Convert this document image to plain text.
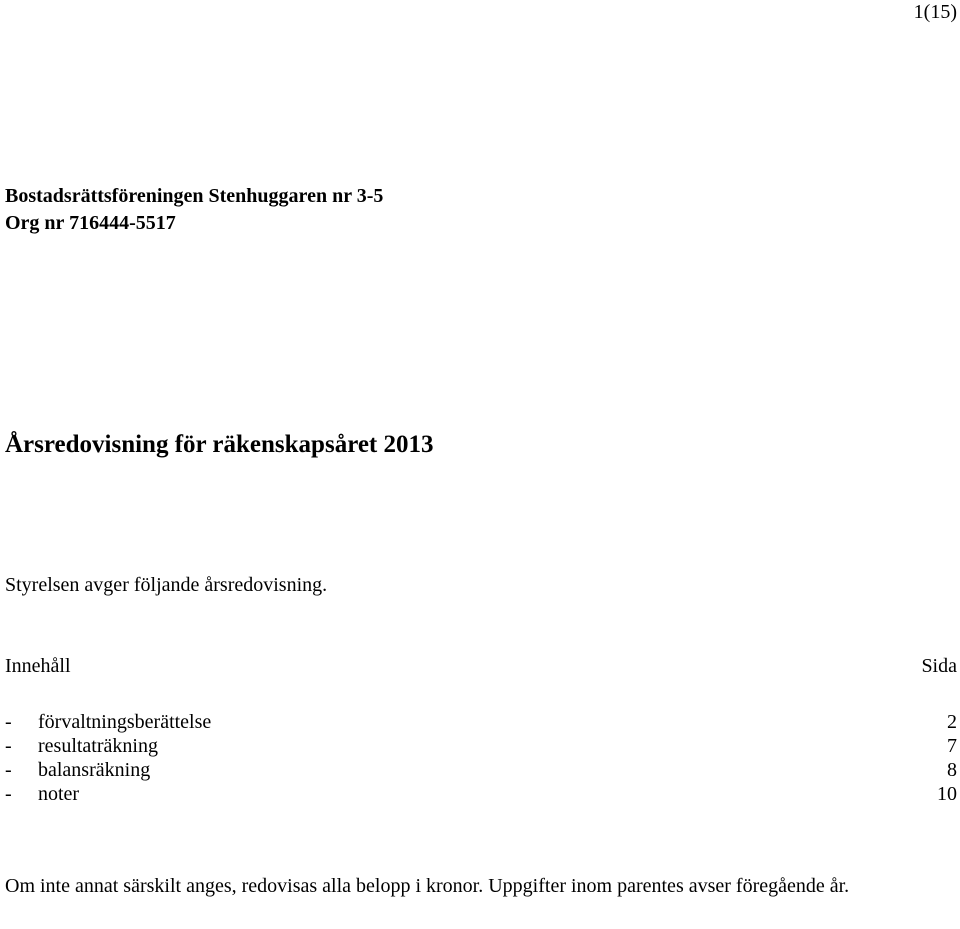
1(15)
Bostadsrättsföreningen Stenhuggaren nr 3-5
Org nr 716444-5517
Årsredovisning för räkenskapsåret 2013
Styrelsen avger följande årsredovisning.
Innehåll	Sida
-	förvaltningsberättelse	2
-	resultaträkning	7
-	balansräkning	8
-	noter	10
Om inte annat särskilt anges, redovisas alla belopp i kronor. Uppgifter inom parentes avser föregående år.
